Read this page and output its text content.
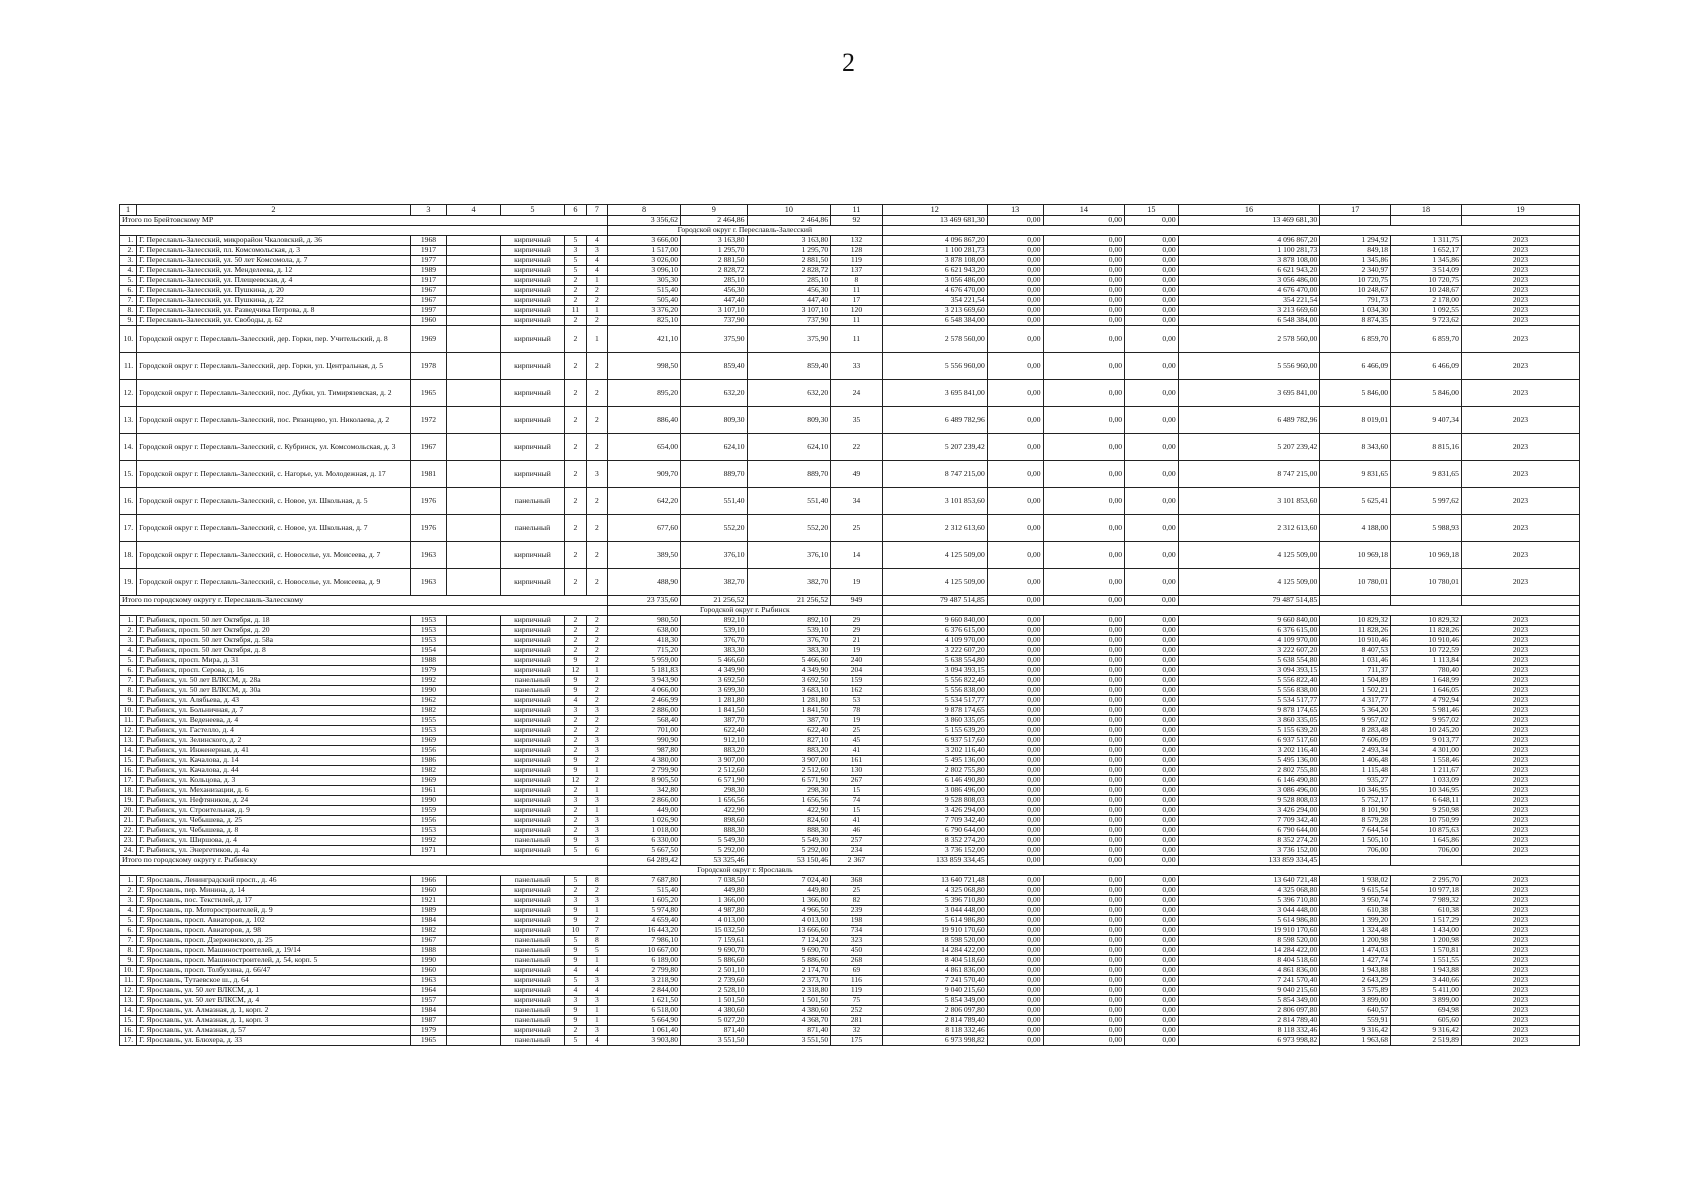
2
1	2	3	4	5	6	7	8	9	10	11	12	13	14	15	16	17	18	19
Итого по Брейтовскому МР							3 356,62	2 464,86	2 464,86	92	13 469 681,30	0,00	0,00	0,00	13 469 681,30			
							Городской округ г. Переславль-Залесский											
1.	Г. Переславль-Залесский, микрорайон Чкаловский, д. 36	1968		кирпичный	5	4	3 666,00	3 163,80	3 163,80	132	4 096 867,20	0,00	0,00	0,00	4 096 867,20	1 294,92	1 311,75	2023
2.	Г. Переславль-Залесский, пл. Комсомольская, д. 3	1917		кирпичный	3	3	1 517,00	1 295,70	1 295,70	128	1 100 281,73	0,00	0,00	0,00	1 100 281,73	849,18	1 652,17	2023
3.	Г. Переславль-Залесский, ул. 50 лет Комсомола, д. 7	1977		кирпичный	5	4	3 026,00	2 881,50	2 881,50	119	3 878 108,00	0,00	0,00	0,00	3 878 108,00	1 345,86	1 345,86	2023
4.	Г. Переславль-Залесский, ул. Менделеева, д. 12	1989		кирпичный	5	4	3 096,10	2 828,72	2 828,72	137	6 621 943,20	0,00	0,00	0,00	6 621 943,20	2 340,97	3 514,09	2023
5.	Г. Переславль-Залесский, ул. Плещеевская, д. 4	1917		кирпичный	2	1	305,30	285,10	285,10	8	3 056 486,00	0,00	0,00	0,00	3 056 486,00	10 720,75	10 720,75	2023
6.	Г. Переславль-Залесский, ул. Пушкина, д. 20	1967		кирпичный	2	2	515,40	456,30	456,30	11	4 676 470,00	0,00	0,00	0,00	4 676 470,00	10 248,67	10 248,67	2023
7.	Г. Переславль-Залесский, ул. Пушкина, д. 22	1967		кирпичный	2	2	505,40	447,40	447,40	17	354 221,54	0,00	0,00	0,00	354 221,54	791,73	2 178,00	2023
8.	Г. Переславль-Залесский, ул. Разведчика Петрова, д. 8	1997		кирпичный	11	1	3 376,20	3 107,10	3 107,10	120	3 213 669,60	0,00	0,00	0,00	3 213 669,60	1 034,30	1 092,55	2023
9.	Г. Переславль-Залесский, ул. Свободы, д. 62	1960		кирпичный	2	2	825,10	737,90	737,90	11	6 548 384,00	0,00	0,00	0,00	6 548 384,00	8 874,35	9 723,62	2023
10.	Городской округ г. Переславль-Залесский, дер. Горки, пер. Учительский, д. 8	1969		кирпичный	2	1	421,10	375,90	375,90	11	2 578 560,00	0,00	0,00	0,00	2 578 560,00	6 859,70	6 859,70	2023
11.	Городской округ г. Переславль-Залесский, дер. Горки, ул. Центральная, д. 5	1978		кирпичный	2	2	998,50	859,40	859,40	33	5 556 960,00	0,00	0,00	0,00	5 556 960,00	6 466,09	6 466,09	2023
12.	Городской округ г. Переславль-Залесский, пос. Дубки, ул. Тимирязевская, д. 2	1965		кирпичный	2	2	895,20	632,20	632,20	24	3 695 841,00	0,00	0,00	0,00	3 695 841,00	5 846,00	5 846,00	2023
13.	Городской округ г. Переславль-Залесский, пос. Рязанцево, ул. Николаева, д. 2	1972		кирпичный	2	2	886,40	809,30	809,30	35	6 489 782,96	0,00	0,00	0,00	6 489 782,96	8 019,01	9 407,34	2023
14.	Городской округ г. Переславль-Залесский, с. Кубринск, ул. Комсомольская, д. 3	1967		кирпичный	2	2	654,00	624,10	624,10	22	5 207 239,42	0,00	0,00	0,00	5 207 239,42	8 343,60	8 815,16	2023
15.	Городской округ г. Переславль-Залесский, с. Нагорье, ул. Молодежная, д. 17	1981		кирпичный	2	3	909,70	889,70	889,70	49	8 747 215,00	0,00	0,00	0,00	8 747 215,00	9 831,65	9 831,65	2023
16.	Городской округ г. Переславль-Залесский, с. Новое, ул. Школьная, д. 5	1976		панельный	2	2	642,20	551,40	551,40	34	3 101 853,60	0,00	0,00	0,00	3 101 853,60	5 625,41	5 997,62	2023
17.	Городской округ г. Переславль-Залесский, с. Новое, ул. Школьная, д. 7	1976		панельный	2	2	677,60	552,20	552,20	25	2 312 613,60	0,00	0,00	0,00	2 312 613,60	4 188,00	5 988,93	2023
18.	Городской округ г. Переславль-Залесский, с. Новоселье, ул. Моисеева, д. 7	1963		кирпичный	2	2	389,50	376,10	376,10	14	4 125 509,00	0,00	0,00	0,00	4 125 509,00	10 969,18	10 969,18	2023
19.	Городской округ г. Переславль-Залесский, с. Новоселье, ул. Моисеева, д. 9	1963		кирпичный	2	2	488,90	382,70	382,70	19	4 125 509,00	0,00	0,00	0,00	4 125 509,00	10 780,01	10 780,01	2023
Итого по городскому округу г. Переславль-Залесскому							23 735,60	21 256,52	21 256,52	949	79 487 514,85	0,00	0,00	0,00	79 487 514,85			
							Городской округ г. Рыбинск											
1.	Г. Рыбинск, просп. 50 лет Октября, д. 18	1953		кирпичный	2	2	980,50	892,10	892,10	29	9 660 840,00	0,00	0,00	0,00	9 660 840,00	10 829,32	10 829,32	2023
2.	Г. Рыбинск, просп. 50 лет Октября, д. 20	1953		кирпичный	2	2	638,00	539,10	539,10	29	6 376 615,00	0,00	0,00	0,00	6 376 615,00	11 828,26	11 828,26	2023
3.	Г. Рыбинск, просп. 50 лет Октября, д. 58а	1953		кирпичный	2	2	418,30	376,70	376,70	21	4 109 970,00	0,00	0,00	0,00	4 109 970,00	10 910,46	10 910,46	2023
4.	Г. Рыбинск, просп. 50 лет Октября, д. 8	1954		кирпичный	2	2	715,20	383,30	383,30	19	3 222 607,20	0,00	0,00	0,00	3 222 607,20	8 407,53	10 722,59	2023
5.	Г. Рыбинск, просп. Мира, д. 31	1988		кирпичный	9	2	5 959,00	5 466,60	5 466,60	240	5 638 554,80	0,00	0,00	0,00	5 638 554,80	1 031,46	1 113,84	2023
6.	Г. Рыбинск, просп. Серова, д. 16	1979		кирпичный	12	1	5 181,83	4 349,90	4 349,90	204	3 094 393,15	0,00	0,00	0,00	3 094 393,15	711,37	780,40	2023
7.	Г. Рыбинск, ул. 50 лет ВЛКСМ, д. 28а	1992		панельный	9	2	3 943,90	3 692,50	3 692,50	159	5 556 822,40	0,00	0,00	0,00	5 556 822,40	1 504,89	1 648,99	2023
8.	Г. Рыбинск, ул. 50 лет ВЛКСМ, д. 30а	1990		панельный	9	2	4 066,00	3 699,30	3 683,10	162	5 556 838,00	0,00	0,00	0,00	5 556 838,00	1 502,21	1 646,05	2023
9.	Г. Рыбинск, ул. Алябьева, д. 43	1962		кирпичный	4	2	2 466,99	1 281,80	1 281,80	53	5 534 517,77	0,00	0,00	0,00	5 534 517,77	4 317,77	4 792,94	2023
10.	Г. Рыбинск, ул. Больничная, д. 7	1982		кирпичный	3	3	2 886,00	1 841,50	1 841,50	78	9 878 174,65	0,00	0,00	0,00	9 878 174,65	5 364,20	5 981,46	2023
11.	Г. Рыбинск, ул. Веденеева, д. 4	1955		кирпичный	2	2	568,40	387,70	387,70	19	3 860 335,05	0,00	0,00	0,00	3 860 335,05	9 957,02	9 957,02	2023
12.	Г. Рыбинск, ул. Гастелло, д. 4	1953		кирпичный	2	2	701,00	622,40	622,40	25	5 155 639,20	0,00	0,00	0,00	5 155 639,20	8 283,48	10 245,20	2023
13.	Г. Рыбинск, ул. Зелинского, д. 2	1969		кирпичный	2	3	990,90	912,10	827,10	45	6 937 517,60	0,00	0,00	0,00	6 937 517,60	7 606,09	9 013,77	2023
14.	Г. Рыбинск, ул. Инженерная, д. 41	1956		кирпичный	2	3	987,80	883,20	883,20	41	3 202 116,40	0,00	0,00	0,00	3 202 116,40	2 493,34	4 301,00	2023
15.	Г. Рыбинск, ул. Качалова, д. 14	1986		кирпичный	9	2	4 380,00	3 907,00	3 907,00	161	5 495 136,00	0,00	0,00	0,00	5 495 136,00	1 406,48	1 558,46	2023
16.	Г. Рыбинск, ул. Качалова, д. 44	1982		кирпичный	9	1	2 799,90	2 512,60	2 512,60	130	2 802 755,80	0,00	0,00	0,00	2 802 755,80	1 115,48	1 211,67	2023
17.	Г. Рыбинск, ул. Кольцова, д. 3	1969		кирпичный	12	2	8 905,50	6 571,90	6 571,90	267	6 146 490,80	0,00	0,00	0,00	6 146 490,80	935,27	1 033,09	2023
18.	Г. Рыбинск, ул. Механизации, д. 6	1961		кирпичный	2	1	342,80	298,30	298,30	15	3 086 496,00	0,00	0,00	0,00	3 086 496,00	10 346,95	10 346,95	2023
19.	Г. Рыбинск, ул. Нефтяников, д. 24	1990		кирпичный	3	3	2 866,00	1 656,56	1 656,56	74	9 528 808,03	0,00	0,00	0,00	9 528 808,03	5 752,17	6 648,11	2023
20.	Г. Рыбинск, ул. Строительная, д. 9	1959		кирпичный	2	1	449,00	422,90	422,90	15	3 426 294,00	0,00	0,00	0,00	3 426 294,00	8 101,90	9 250,98	2023
21.	Г. Рыбинск, ул. Чебышева, д. 25	1956		кирпичный	2	3	1 026,90	898,60	824,60	41	7 709 342,40	0,00	0,00	0,00	7 709 342,40	8 579,28	10 750,99	2023
22.	Г. Рыбинск, ул. Чебышева, д. 8	1953		кирпичный	2	3	1 018,00	888,30	888,30	46	6 790 644,00	0,00	0,00	0,00	6 790 644,00	7 644,54	10 875,63	2023
23.	Г. Рыбинск, ул. Ширшова, д. 4	1992		панельный	9	3	6 330,00	5 549,30	5 549,30	257	8 352 274,20	0,00	0,00	0,00	8 352 274,20	1 505,10	1 645,86	2023
24.	Г. Рыбинск, ул. Энергетиков, д. 4а	1971		кирпичный	5	6	5 667,50	5 292,00	5 292,00	234	3 736 152,00	0,00	0,00	0,00	3 736 152,00	706,00	706,00	2023
Итого по городскому округу г. Рыбинску							64 289,42	53 325,46	53 150,46	2 367	133 859 334,45	0,00	0,00	0,00	133 859 334,45			
							Городской округ г. Ярославль											
1.	Г. Ярославль, Ленинградский просп., д. 46	1966		панельный	5	8	7 687,80	7 038,50	7 024,40	368	13 640 721,48	0,00	0,00	0,00	13 640 721,48	1 938,02	2 295,70	2023
2.	Г. Ярославль, пер. Минина, д. 14	1960		кирпичный	2	2	515,40	449,80	449,80	25	4 325 068,80	0,00	0,00	0,00	4 325 068,80	9 615,54	10 977,18	2023
3.	Г. Ярославль, пос. Текстилей, д. 17	1921		кирпичный	3	3	1 605,20	1 366,00	1 366,00	82	5 396 710,80	0,00	0,00	0,00	5 396 710,80	3 950,74	7 989,32	2023
4.	Г. Ярославль, пр. Моторостроителей, д. 9	1989		кирпичный	9	1	5 974,80	4 987,80	4 966,50	239	3 044 448,00	0,00	0,00	0,00	3 044 448,00	610,38	610,38	2023
5.	Г. Ярославль, просп. Авиаторов, д. 102	1984		кирпичный	9	2	4 659,40	4 013,00	4 013,00	198	5 614 986,80	0,00	0,00	0,00	5 614 986,80	1 399,20	1 517,29	2023
6.	Г. Ярославль, просп. Авиаторов, д. 98	1982		кирпичный	10	7	16 443,20	15 032,50	13 666,60	734	19 910 170,60	0,00	0,00	0,00	19 910 170,60	1 324,48	1 434,00	2023
7.	Г. Ярославль, просп. Дзержинского, д. 25	1967		панельный	5	8	7 986,10	7 159,61	7 124,20	323	8 598 520,00	0,00	0,00	0,00	8 598 520,00	1 200,98	1 200,98	2023
8.	Г. Ярославль, просп. Машиностроителей, д. 19/14	1988		панельный	9	5	10 667,00	9 690,70	9 690,70	450	14 284 422,00	0,00	0,00	0,00	14 284 422,00	1 474,03	1 570,81	2023
9.	Г. Ярославль, просп. Машиностроителей, д. 54, корп. 5	1990		панельный	9	1	6 189,00	5 886,60	5 886,60	268	8 404 518,60	0,00	0,00	0,00	8 404 518,60	1 427,74	1 551,55	2023
10.	Г. Ярославль, просп. Толбухина, д. 66/47	1960		кирпичный	4	4	2 799,80	2 501,10	2 174,70	69	4 861 836,00	0,00	0,00	0,00	4 861 836,00	1 943,88	1 943,88	2023
11.	Г. Ярославль, Тутаевское ш., д. 64	1963		кирпичный	5	3	3 218,90	2 739,60	2 373,70	116	7 241 570,40	0,00	0,00	0,00	7 241 570,40	2 643,29	3 440,66	2023
12.	Г. Ярославль, ул. 50 лет ВЛКСМ, д. 1	1964		кирпичный	4	4	2 844,00	2 528,10	2 318,80	119	9 040 215,60	0,00	0,00	0,00	9 040 215,60	3 575,89	5 411,00	2023
13.	Г. Ярославль, ул. 50 лет ВЛКСМ, д. 4	1957		кирпичный	3	3	1 621,50	1 501,50	1 501,50	75	5 854 349,00	0,00	0,00	0,00	5 854 349,00	3 899,00	3 899,00	2023
14.	Г. Ярославль, ул. Алмазная, д. 1, корп. 2	1984		панельный	9	1	6 518,00	4 380,60	4 380,60	252	2 806 097,80	0,00	0,00	0,00	2 806 097,80	640,57	694,98	2023
15.	Г. Ярославль, ул. Алмазная, д. 1, корп. 3	1987		панельный	9	1	5 664,90	5 027,20	4 368,70	281	2 814 789,40	0,00	0,00	0,00	2 814 789,40	559,91	605,60	2023
16.	Г. Ярославль, ул. Алмазная, д. 57	1979		кирпичный	2	3	1 061,40	871,40	871,40	32	8 118 332,46	0,00	0,00	0,00	8 118 332,46	9 316,42	9 316,42	2023
17.	Г. Ярославль, ул. Блюхера, д. 33	1965		панельный	5	4	3 903,80	3 551,50	3 551,50	175	6 973 998,82	0,00	0,00	0,00	6 973 998,82	1 963,68	2 519,89	2023
